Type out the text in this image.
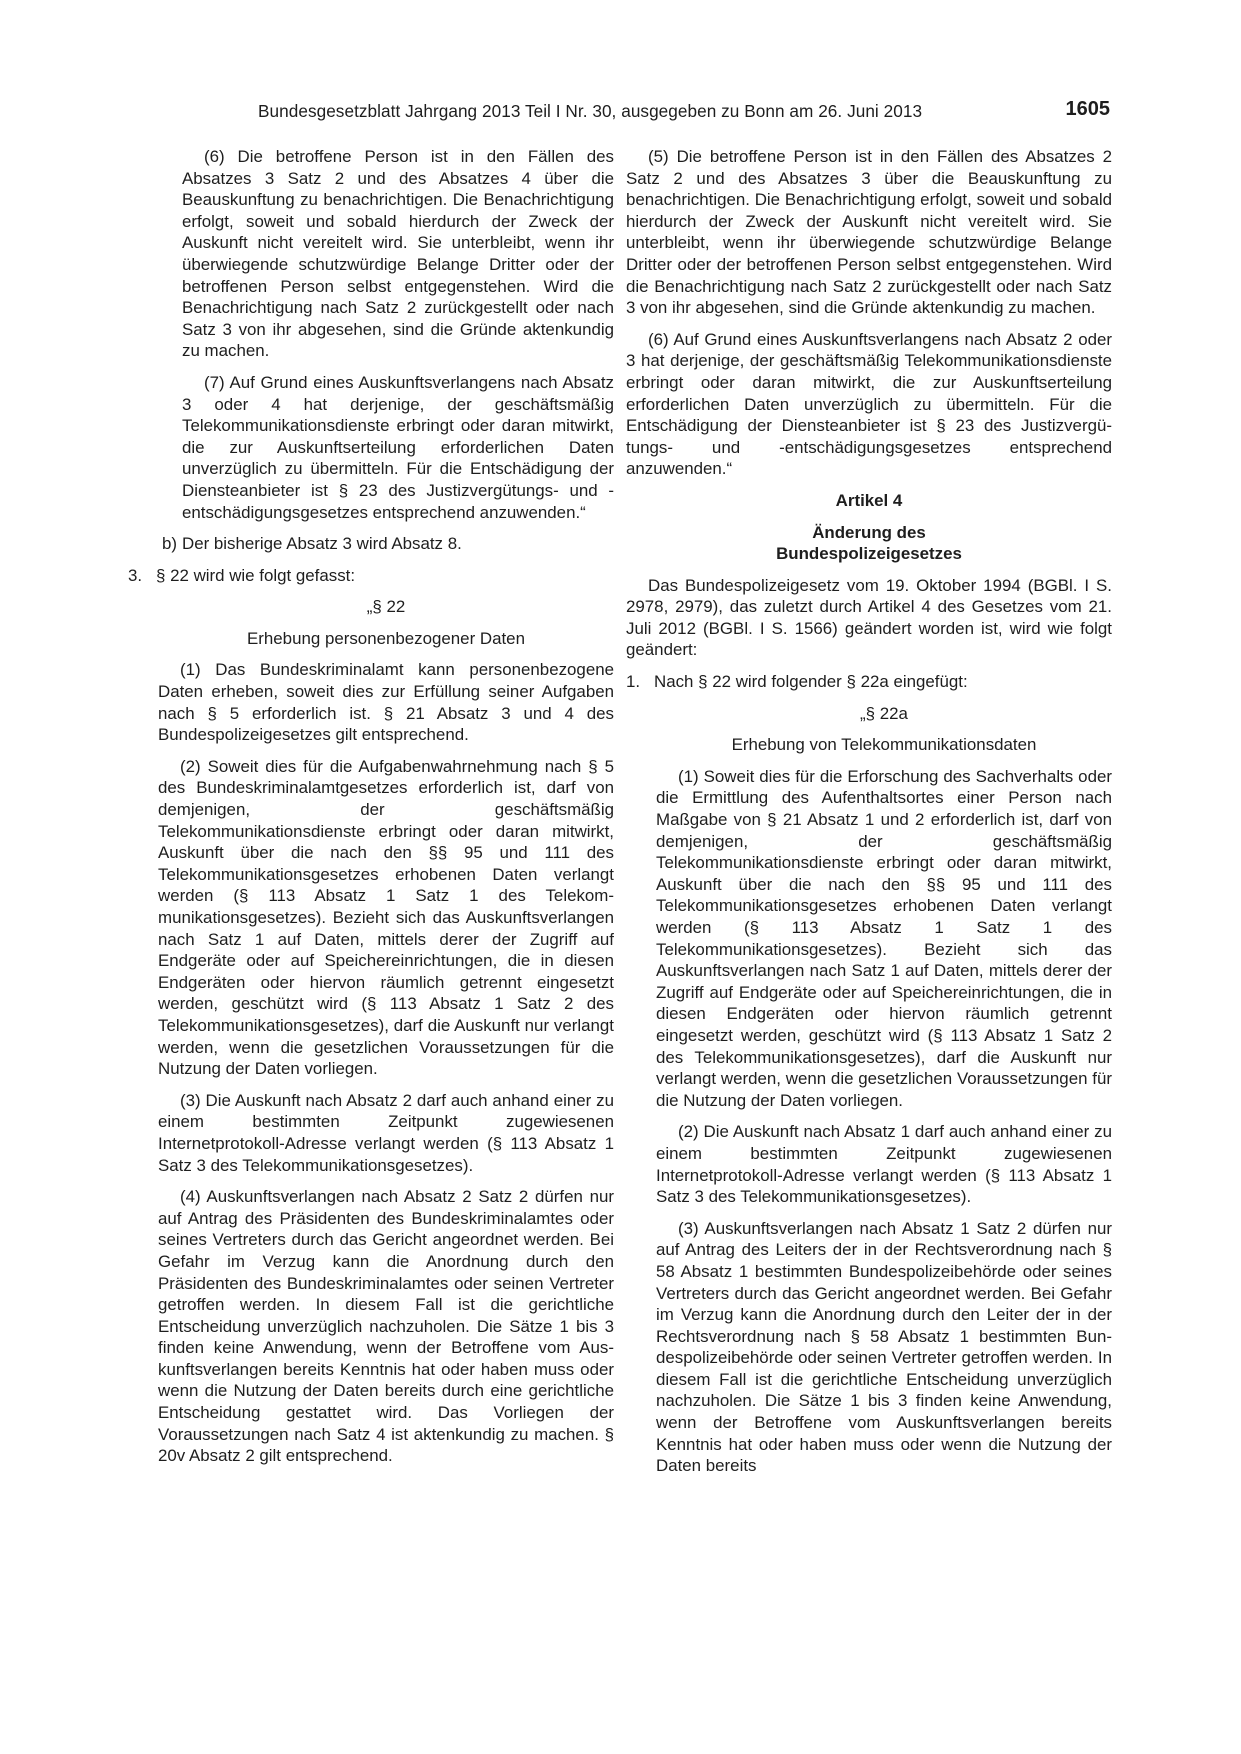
Bundesgesetzblatt Jahrgang 2013 Teil I Nr. 30, ausgegeben zu Bonn am 26. Juni 2013	1605

(6) Die betroffene Person ist in den Fällen des Absatzes 3 Satz 2 und des Absatzes 4 über die Beauskunftung zu benachrichtigen. Die Benachrichtigung erfolgt, soweit und sobald hierdurch der Zweck der Auskunft nicht vereitelt wird. Sie unterbleibt, wenn ihr überwiegende schutzwürdige Belange Dritter oder der betroffenen Person selbst entgegenstehen. Wird die Benachrichtigung nach Satz 2 zurückgestellt oder nach Satz 3 von ihr abgesehen, sind die Gründe aktenkundig zu machen.

(7) Auf Grund eines Auskunftsverlangens nach Absatz 3 oder 4 hat derjenige, der geschäftsmäßig Telekommunikationsdienste erbringt oder daran mitwirkt, die zur Auskunftserteilung erforderlichen Daten unverzüglich zu übermitteln. Für die Entschädigung der Diensteanbieter ist § 23 des Justizvergütungs- und -entschädigungsgesetzes entsprechend anzuwenden.“

b) Der bisherige Absatz 3 wird Absatz 8.

3. § 22 wird wie folgt gefasst:

„§ 22

Erhebung personenbezogener Daten

(1) Das Bundeskriminalamt kann personenbezogene Daten erheben, soweit dies zur Erfüllung seiner Aufgaben nach § 5 erforderlich ist. § 21 Absatz 3 und 4 des Bundespolizeigesetzes gilt entsprechend.

(2) Soweit dies für die Aufgabenwahrnehmung nach § 5 des Bundeskriminalamtgesetzes erforderlich ist, darf von demjenigen, der geschäftsmäßig Telekommunikationsdienste erbringt oder daran mitwirkt, Auskunft über die nach den §§ 95 und 111 des Telekommunikationsgesetzes erhobenen Daten verlangt werden (§ 113 Absatz 1 Satz 1 des Telekommunikationsgesetzes). Bezieht sich das Auskunftsverlangen nach Satz 1 auf Daten, mittels derer der Zugriff auf Endgeräte oder auf Speichereinrichtungen, die in diesen Endgeräten oder hiervon räumlich getrennt eingesetzt werden, geschützt wird (§ 113 Absatz 1 Satz 2 des Telekommunikationsgesetzes), darf die Auskunft nur verlangt werden, wenn die gesetzlichen Voraussetzungen für die Nutzung der Daten vorliegen.

(3) Die Auskunft nach Absatz 2 darf auch anhand einer zu einem bestimmten Zeitpunkt zugewiesenen Internetprotokoll-Adresse verlangt werden (§ 113 Absatz 1 Satz 3 des Telekommunikationsgesetzes).

(4) Auskunftsverlangen nach Absatz 2 Satz 2 dürfen nur auf Antrag des Präsidenten des Bundeskriminalamtes oder seines Vertreters durch das Gericht angeordnet werden. Bei Gefahr im Verzug kann die Anordnung durch den Präsidenten des Bundeskriminalamtes oder seinen Vertreter getroffen werden. In diesem Fall ist die gerichtliche Entscheidung unverzüglich nachzuholen. Die Sätze 1 bis 3 finden keine Anwendung, wenn der Betroffene vom Auskunftsverlangen bereits Kenntnis hat oder haben muss oder wenn die Nutzung der Daten bereits durch eine gerichtliche Entscheidung gestattet wird. Das Vorliegen der Voraussetzungen nach Satz 4 ist aktenkundig zu machen. § 20v Absatz 2 gilt entsprechend.

(5) Die betroffene Person ist in den Fällen des Absatzes 2 Satz 2 und des Absatzes 3 über die Beauskunftung zu benachrichtigen. Die Benachrichtigung erfolgt, soweit und sobald hierdurch der Zweck der Auskunft nicht vereitelt wird. Sie unterbleibt, wenn ihr überwiegende schutzwürdige Belange Dritter oder der betroffenen Person selbst entgegenstehen. Wird die Benachrichtigung nach Satz 2 zurückgestellt oder nach Satz 3 von ihr abgesehen, sind die Gründe aktenkundig zu machen.

(6) Auf Grund eines Auskunftsverlangens nach Absatz 2 oder 3 hat derjenige, der geschäftsmäßig Telekommunikationsdienste erbringt oder daran mitwirkt, die zur Auskunftserteilung erforderlichen Daten unverzüglich zu übermitteln. Für die Entschädigung der Diensteanbieter ist § 23 des Justizvergütungs- und -entschädigungsgesetzes entsprechend anzuwenden.“

Artikel 4

Änderung des
Bundespolizeigesetzes

Das Bundespolizeigesetz vom 19. Oktober 1994 (BGBl. I S. 2978, 2979), das zuletzt durch Artikel 4 des Gesetzes vom 21. Juli 2012 (BGBl. I S. 1566) geändert worden ist, wird wie folgt geändert:

1. Nach § 22 wird folgender § 22a eingefügt:

„§ 22a

Erhebung von Telekommunikationsdaten

(1) Soweit dies für die Erforschung des Sachverhalts oder die Ermittlung des Aufenthaltsortes einer Person nach Maßgabe von § 21 Absatz 1 und 2 erforderlich ist, darf von demjenigen, der geschäftsmäßig Telekommunikationsdienste erbringt oder daran mitwirkt, Auskunft über die nach den §§ 95 und 111 des Telekommunikationsgesetzes erhobenen Daten verlangt werden (§ 113 Absatz 1 Satz 1 des Telekommunikationsgesetzes). Bezieht sich das Auskunftsverlangen nach Satz 1 auf Daten, mittels derer der Zugriff auf Endgeräte oder auf Speichereinrichtungen, die in diesen Endgeräten oder hiervon räumlich getrennt eingesetzt werden, geschützt wird (§ 113 Absatz 1 Satz 2 des Telekommunikationsgesetzes), darf die Auskunft nur verlangt werden, wenn die gesetzlichen Voraussetzungen für die Nutzung der Daten vorliegen.

(2) Die Auskunft nach Absatz 1 darf auch anhand einer zu einem bestimmten Zeitpunkt zugewiesenen Internetprotokoll-Adresse verlangt werden (§ 113 Absatz 1 Satz 3 des Telekommunikationsgesetzes).

(3) Auskunftsverlangen nach Absatz 1 Satz 2 dürfen nur auf Antrag des Leiters der in der Rechtsverordnung nach § 58 Absatz 1 bestimmten Bundespolizeibehörde oder seines Vertreters durch das Gericht angeordnet werden. Bei Gefahr im Verzug kann die Anordnung durch den Leiter der in der Rechtsverordnung nach § 58 Absatz 1 bestimmten Bundespolizeibehörde oder seinen Vertreter getroffen werden. In diesem Fall ist die gerichtliche Entscheidung unverzüglich nachzuholen. Die Sätze 1 bis 3 finden keine Anwendung, wenn der Betroffene vom Auskunftsverlangen bereits Kenntnis hat oder haben muss oder wenn die Nutzung der Daten bereits
